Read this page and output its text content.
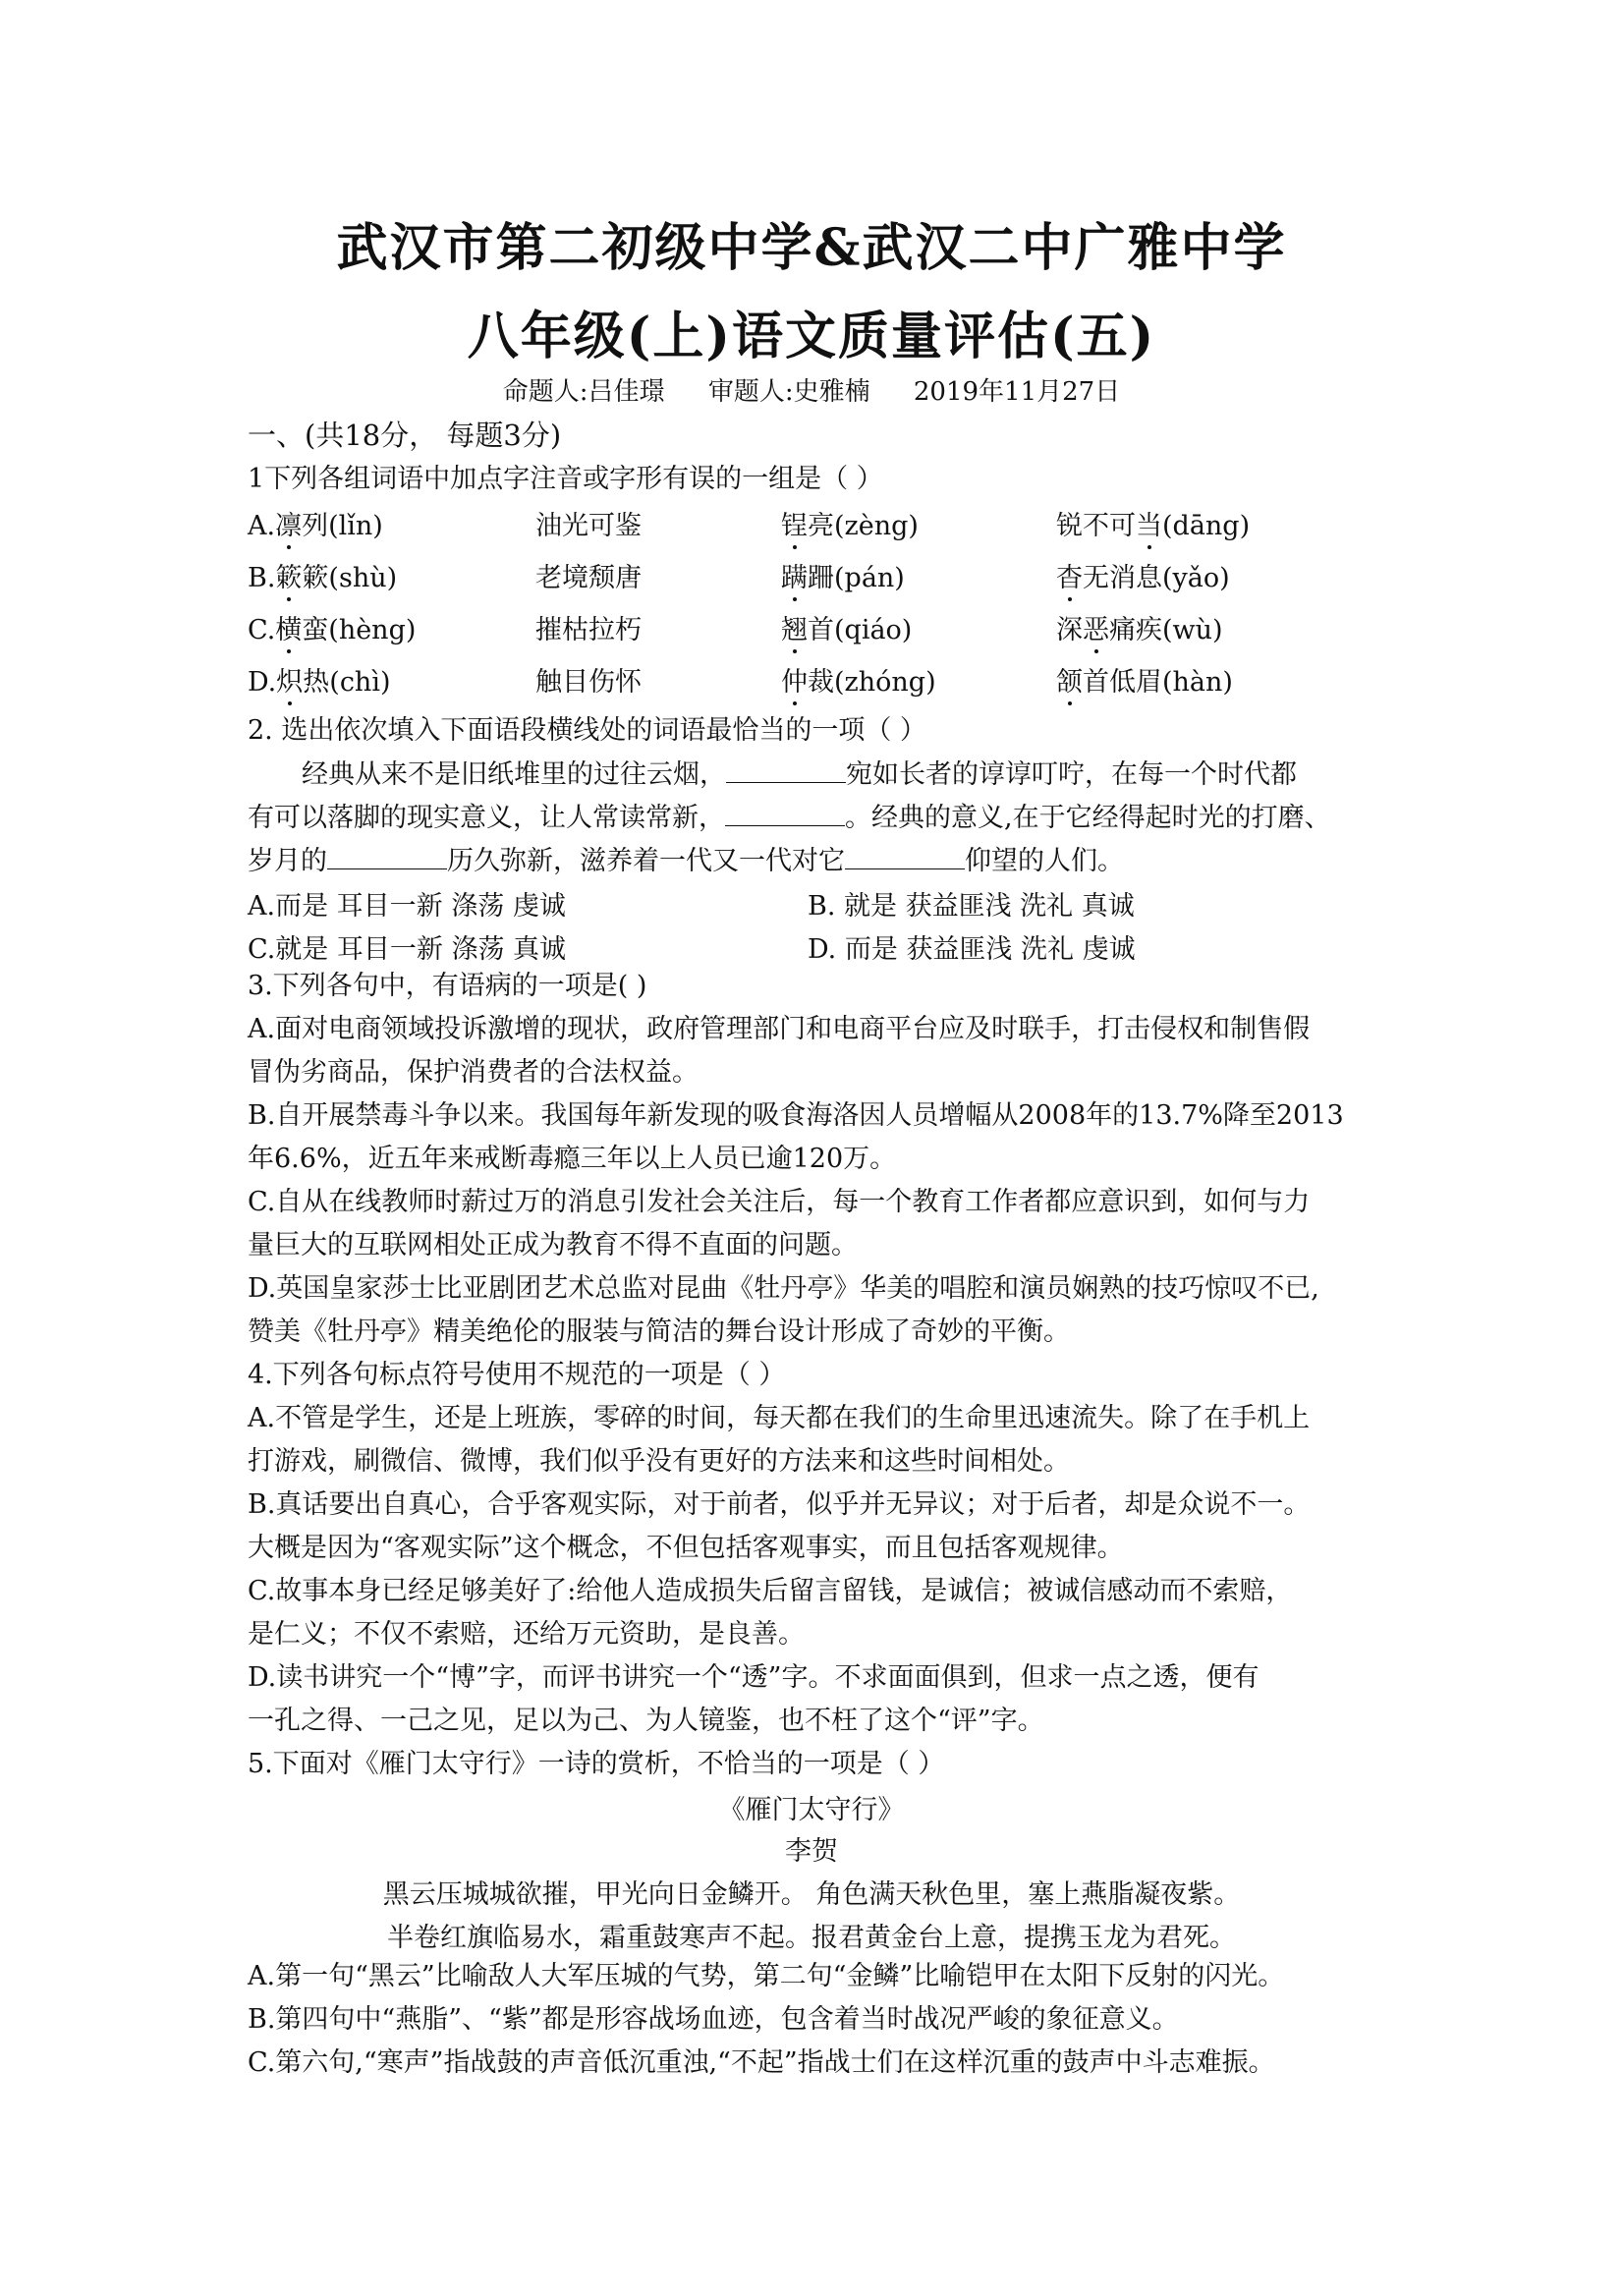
武汉市第二初级中学&武汉二中广雅中学
八年级(上)语文质量评估(五)
命题人:吕佳璟 审题人:史雅楠 2019年11月27日
一、(共18分， 每题3分)
1下列各组词语中加点字注音或字形有误的一组是（ ）
A.凛列(lǐn)	油光可鉴	锃亮(zèng)	锐不可当(dāng)
B.簌簌(shù)	老境颓唐	蹒跚(pán)	杳无消息(yǎo)
C.横蛮(hèng)	摧枯拉朽	翘首(qiáo)	深恶痛疾(wù)
D.炽热(chì)	触目伤怀	仲裁(zhóng)	颔首低眉(hàn)
2. 选出依次填入下面语段横线处的词语最恰当的一项（ ）
经典从来不是旧纸堆里的过往云烟，	宛如长者的谆谆叮咛，在每一个时代都
有可以落脚的现实意义，让人常读常新，	。经典的意义,在于它经得起时光的打磨、
岁月的	历久弥新，滋养着一代又一代对它	仰望的人们。
A.而是 耳目一新 涤荡 虔诚	B. 就是 获益匪浅 洗礼 真诚
C.就是 耳目一新 涤荡 真诚	D. 而是 获益匪浅 洗礼 虔诚
3.下列各句中，有语病的一项是( )
A.面对电商领域投诉激增的现状，政府管理部门和电商平台应及时联手，打击侵权和制售假
冒伪劣商品，保护消费者的合法权益。
B.自开展禁毒斗争以来。我国每年新发现的吸食海洛因人员增幅从2008年的13.7%降至2013
年6.6%，近五年来戒断毒瘾三年以上人员已逾120万。
C.自从在线教师时薪过万的消息引发社会关注后，每一个教育工作者都应意识到，如何与力
量巨大的互联网相处正成为教育不得不直面的问题。
D.英国皇家莎士比亚剧团艺术总监对昆曲《牡丹亭》华美的唱腔和演员娴熟的技巧惊叹不已,
赞美《牡丹亭》精美绝伦的服装与简洁的舞台设计形成了奇妙的平衡。
4.下列各句标点符号使用不规范的一项是（ ）
A.不管是学生，还是上班族，零碎的时间，每天都在我们的生命里迅速流失。除了在手机上
打游戏，刷微信、微博，我们似乎没有更好的方法来和这些时间相处。
B.真话要出自真心，合乎客观实际，对于前者，似乎并无异议；对于后者，却是众说不一。
大概是因为“客观实际”这个概念，不但包括客观事实，而且包括客观规律。
C.故事本身已经足够美好了:给他人造成损失后留言留钱，是诚信；被诚信感动而不索赔，
是仁义；不仅不索赔，还给万元资助，是良善。
D.读书讲究一个“博”字，而评书讲究一个“透”字。不求面面俱到，但求一点之透，便有
一孔之得、一己之见，足以为己、为人镜鉴，也不枉了这个“评”字。
5.下面对《雁门太守行》一诗的赏析，不恰当的一项是（ ）
《雁门太守行》
李贺
黑云压城城欲摧，甲光向日金鳞开。 角色满天秋色里，塞上燕脂凝夜紫。
半卷红旗临易水，霜重鼓寒声不起。报君黄金台上意，提携玉龙为君死。
A.第一句“黑云”比喻敌人大军压城的气势，第二句“金鳞”比喻铠甲在太阳下反射的闪光。
B.第四句中“燕脂”、“紫”都是形容战场血迹，包含着当时战况严峻的象征意义。
C.第六句,“寒声”指战鼓的声音低沉重浊,“不起”指战士们在这样沉重的鼓声中斗志难振。
